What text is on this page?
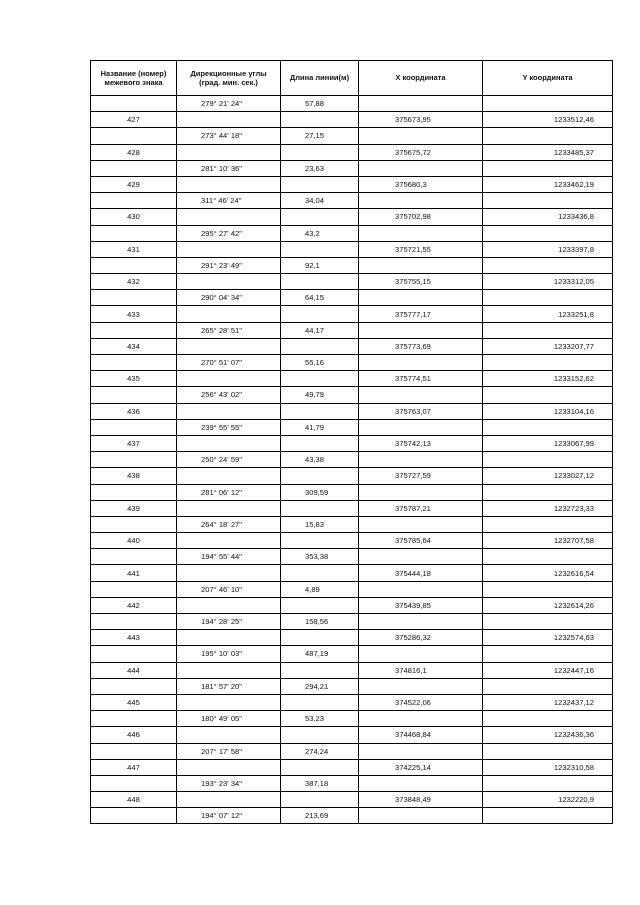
Название (номер) межевого знака	Дирекционные углы (град. мин. сек.)	Длина линии(м)	X координата	Y координата
	279° 21' 24"	57,88		
427			375673,95	1233512,46
	273° 44' 18"	27,15		
428			375675,72	1233485,37
	281° 10' 36"	23,63		
429			375680,3	1233462,19
	311° 46' 24"	34,04		
430			375702,98	1233436,8
	295° 27' 42"	43,2		
431			375721,55	1233397,8
	291° 23' 49"	92,1		
432			375755,15	1233312,05
	290° 04' 34"	64,15		
433			375777,17	1233251,8
	265° 28' 51"	44,17		
434			375773,69	1233207,77
	270° 51' 07"	55,16		
435			375774,51	1233152,62
	256° 43' 02"	49,79		
436			375763,07	1233104,16
	239° 55' 55"	41,79		
437			375742,13	1233067,99
	250° 24' 59"	43,38		
438			375727,59	1233027,12
	281° 06' 12"	309,59		
439			375787,21	1232723,33
	264° 18' 27"	15,83		
440			375785,64	1232707,58
	194° 55' 44"	353,38		
441			375444,18	1232616,54
	207° 46' 10"	4,89		
442			375439,85	1232614,26
	194° 28' 25"	158,56		
443			375286,32	1232574,63
	195° 10' 03"	487,19		
444			374816,1	1232447,16
	181° 57' 20"	294,21		
445			374522,06	1232437,12
	180° 49' 05"	53,23		
446			374468,84	1232436,36
	207° 17' 58"	274,24		
447			374225,14	1232310,58
	193° 23' 34"	387,18		
448			373848,49	1232220,9
	194° 07' 12"	213,69		
